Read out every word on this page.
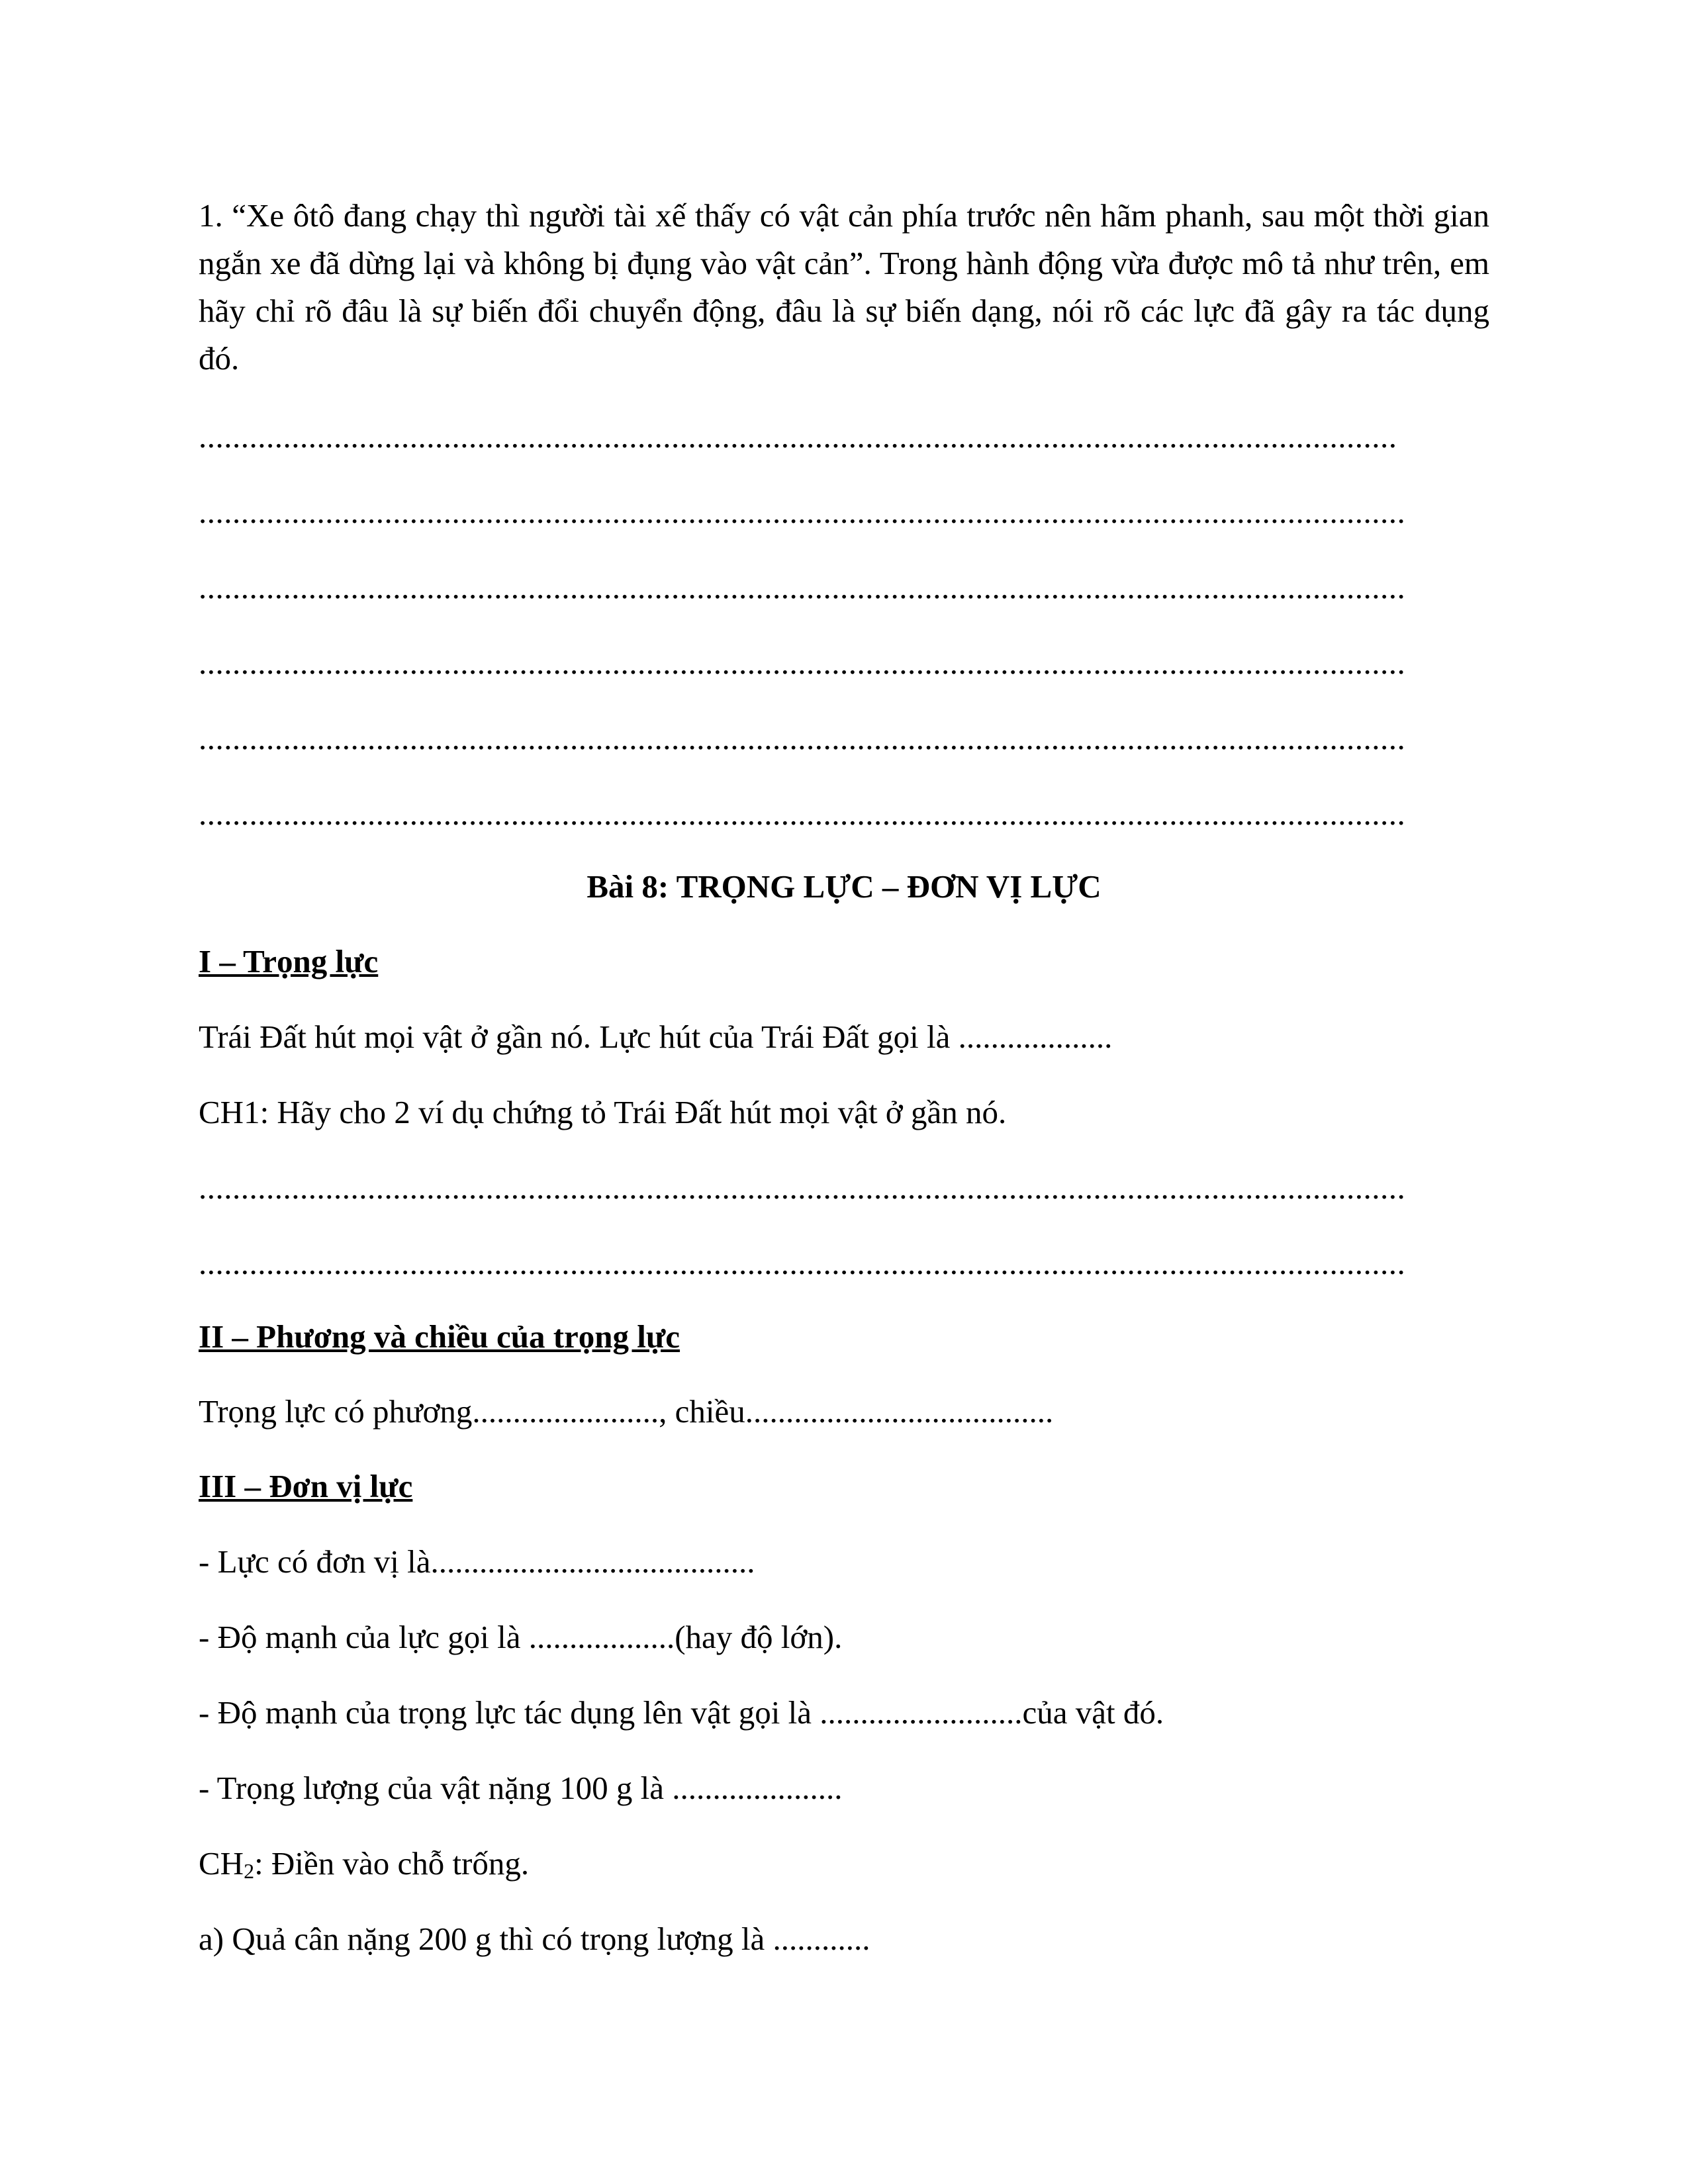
1. “Xe ôtô đang chạy thì người tài xế thấy có vật cản phía trước nên hãm phanh, sau một thời gian ngắn xe đã dừng lại và không bị đụng vào vật cản”. Trong hành động vừa được mô tả như trên, em hãy chỉ rõ đâu là sự biến đổi chuyển động, đâu là sự biến dạng, nói rõ các lực đã gây ra tác dụng đó.

..............................................................................................................................................
...............................................................................................................................................
...............................................................................................................................................
...............................................................................................................................................
...............................................................................................................................................
...............................................................................................................................................
Bài 8: TRỌNG LỰC – ĐƠN VỊ LỰC
I – Trọng lực
Trái Đất hút mọi vật ở gần nó. Lực hút của Trái Đất gọi là ...................
CH1: Hãy cho 2 ví dụ chứng tỏ Trái Đất hút mọi vật ở gần nó.
...............................................................................................................................................
...............................................................................................................................................
II – Phương và chiều của trọng lực
Trọng lực có phương......................., chiều......................................
III – Đơn vị lực
- Lực có đơn vị là........................................
- Độ mạnh của lực gọi là ..................(hay độ lớn).
- Độ mạnh của trọng lực tác dụng lên vật gọi là .........................của vật đó.
- Trọng lượng của vật nặng 100 g là .....................
$CH_2$: Điền vào chỗ trống.
a) Quả cân nặng 200 g thì có trọng lượng là ............
